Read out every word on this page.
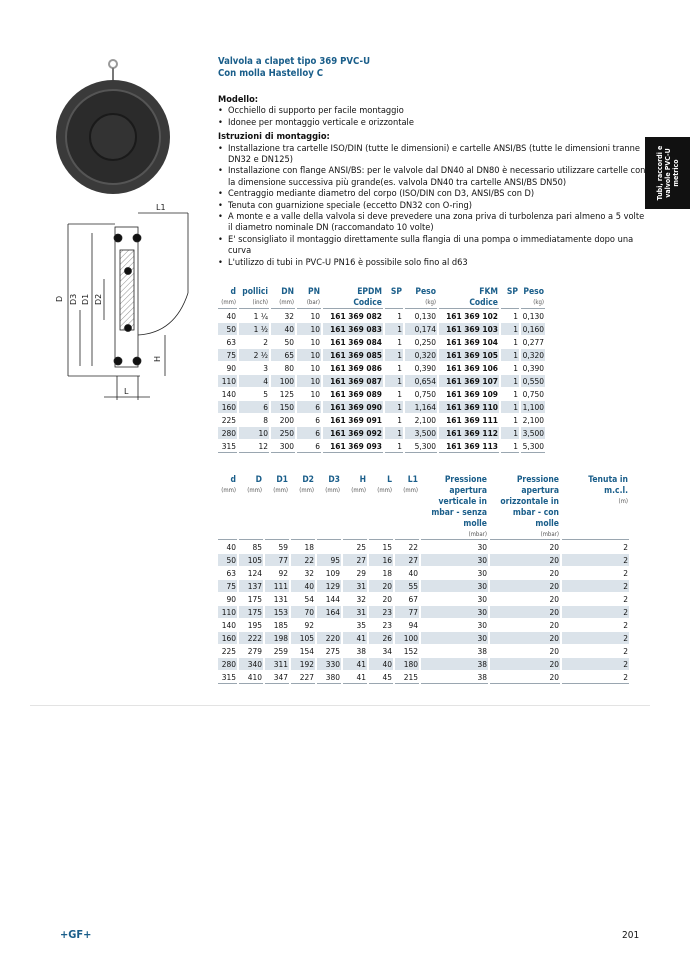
Valvola a clapet tipo 369 PVC-U
Con molla Hastelloy C
Tubi, raccordi e valvole PVC-U metrico
L1
D D3 D1 D2
H
L
Modello:
• Occhiello di supporto per facile montaggio
• Idonee per montaggio verticale e orizzontale
Istruzioni di montaggio:
• Installazione tra cartelle ISO/DIN (tutte le dimensioni) e cartelle ANSI/BS (tutte le dimensioni tranne DN32 e DN125)
• Installazione con flange ANSI/BS: per le valvole dal DN40 al DN80 è necessario utilizzare cartelle con la dimensione successiva più grande(es. valvola DN40 tra cartelle ANSI/BS DN50)
• Centraggio mediante diametro del corpo (ISO/DIN con D3, ANSI/BS con D)
• Tenuta con guarnizione speciale (eccetto DN32 con O-ring)
• A monte e a valle della valvola si deve prevedere una zona priva di turbolenza pari almeno a 5 volte il diametro nominale DN (raccomandato 10 volte)
• E' sconsigliato il montaggio direttamente sulla flangia di una pompa o immediatamente dopo una curva
• L'utilizzo di tubi in PVC-U PN16 è possibile solo fino al d63
d
(mm)	pollici
(inch)	DN
(mm)	PN
(bar)	EPDM
Codice	SP	Peso
(kg)	FKM
Codice	SP	Peso
(kg)

40	1 ¼	32	10	161 369 082	1	0,130	161 369 102	1	0,130
50	1 ½	40	10	161 369 083	1	0,174	161 369 103	1	0,160
63	2	50	10	161 369 084	1	0,250	161 369 104	1	0,277
75	2 ½	65	10	161 369 085	1	0,320	161 369 105	1	0,320
90	3	80	10	161 369 086	1	0,390	161 369 106	1	0,390
110	4	100	10	161 369 087	1	0,654	161 369 107	1	0,550
140	5	125	10	161 369 089	1	0,750	161 369 109	1	0,750
160	6	150	6	161 369 090	1	1,164	161 369 110	1	1,100
225	8	200	6	161 369 091	1	2,100	161 369 111	1	2,100
280	10	250	6	161 369 092	1	3,500	161 369 112	1	3,500
315	12	300	6	161 369 093	1	5,300	161 369 113	1	5,300
d
(mm)	D
(mm)	D1
(mm)	D2
(mm)	D3
(mm)	H
(mm)	L
(mm)	L1
(mm)	Pressione apertura verticale in mbar - senza molle
(mbar)	Pressione apertura orizzontale in mbar - con molle
(mbar)	Tenuta in m.c.l.
(m)

40	85	59	18		25	15	22	30	20	2
50	105	77	22	95	27	16	27	30	20	2
63	124	92	32	109	29	18	40	30	20	2
75	137	111	40	129	31	20	55	30	20	2
90	175	131	54	144	32	20	67	30	20	2
110	175	153	70	164	31	23	77	30	20	2
140	195	185	92		35	23	94	30	20	2
160	222	198	105	220	41	26	100	30	20	2
225	279	259	154	275	38	34	152	38	20	2
280	340	311	192	330	41	40	180	38	20	2
315	410	347	227	380	41	45	215	38	20	2
+GF+	201
